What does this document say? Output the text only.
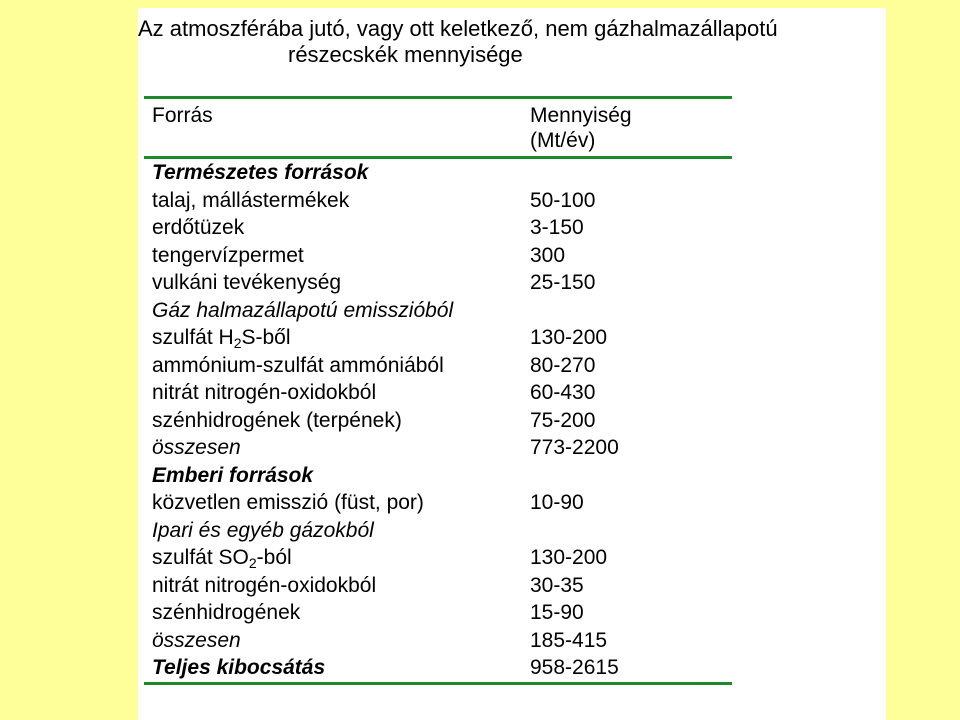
Az atmoszférába jutó, vagy ott keletkező, nem gázhalmazállapotú
részecskék mennyisége
Forrás	Mennyiség
(Mt/év)
Természetes források
talaj, mállástermékek	50-100
erdőtüzek	3-150
tengervízpermet	300
vulkáni tevékenység	25-150
Gáz halmazállapotú emisszióból
szulfát $H_2S$-ből	130-200
ammónium-szulfát ammóniából	80-270
nitrát nitrogén-oxidokból	60-430
szénhidrogének (terpének)	75-200
összesen	773-2200
Emberi források
közvetlen emisszió (füst, por)	10-90
Ipari és egyéb gázokból
szulfát $SO_2$-ból	130-200
nitrát nitrogén-oxidokból	30-35
szénhidrogének	15-90
összesen	185-415
Teljes kibocsátás	958-2615
